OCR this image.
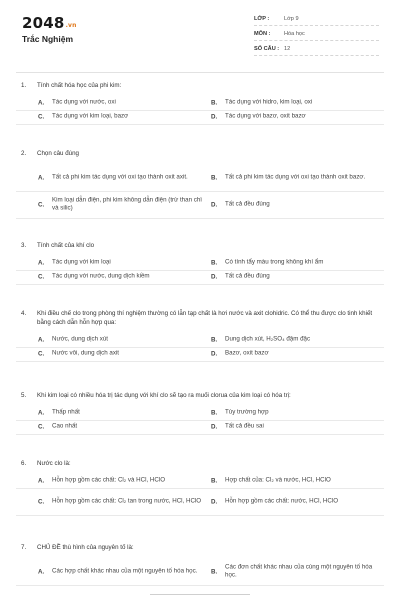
2048.vn
Trắc Nghiệm
LỚP :	Lớp 9
MÔN : Hóa học
SỐ CÂU : 12
1. Tính chất hóa học của phi kim:
A. Tác dụng với nước, oxi	B. Tác dụng với hidro, kim loại, oxi
C. Tác dụng với kim loại, bazơ	D. Tác dụng với bazơ, oxit bazơ
2. Chọn câu đúng
A. Tất cả phi kim tác dụng với oxi tạo thành oxit axit.	B. Tất cả phi kim tác dụng với oxi tạo thành oxit bazơ.
C.
Kim loại dẫn điện, phi kim không dẫn điện (trừ than chì và silic)	D. Tất cả đều đúng
3. Tính chất của khí clo
A. Tác dụng với kim loại	B. Có tính tẩy màu trong không khí ẩm
C. Tác dụng với nước, dung dịch kiềm	D. Tất cả đều đúng
4. Khi điều chế clo trong phòng thí nghiệm thường có lẫn tạp chất là hơi nước và axit clohidric. Có thể thu được clo tinh khiết bằng cách dẫn hỗn hợp qua:
A. Nước, dung dịch xút	B. Dung dịch xút, H₂SO₄ đậm đặc
C. Nước vôi, dung dịch axit	D. Bazơ, oxit bazơ
5. Khi kim loại có nhiều hóa trị tác dụng với khí clo sẽ tạo ra muối clorua của kim loại có hóa trị:
A. Thấp nhất	B. Tùy trường hợp
C. Cao nhất	D. Tất cả đều sai
6. Nước clo là:
A. Hỗn hợp gồm các chất: Cl₂ và HCl, HClO	B. Hợp chất của: Cl₂ và nước, HCl, HClO
C. Hỗn hợp gồm các chất: Cl₂ tan trong nước, HCl, HClO	D. Hỗn hợp gồm các chất: nước, HCl, HClO
7. CHỦ ĐỀ thù hình của nguyên tố là:
A. Các hợp chất khác nhau của một nguyên tố hóa học.	B.
Các đơn chất khác nhau của cùng một nguyên tố hóa học.
